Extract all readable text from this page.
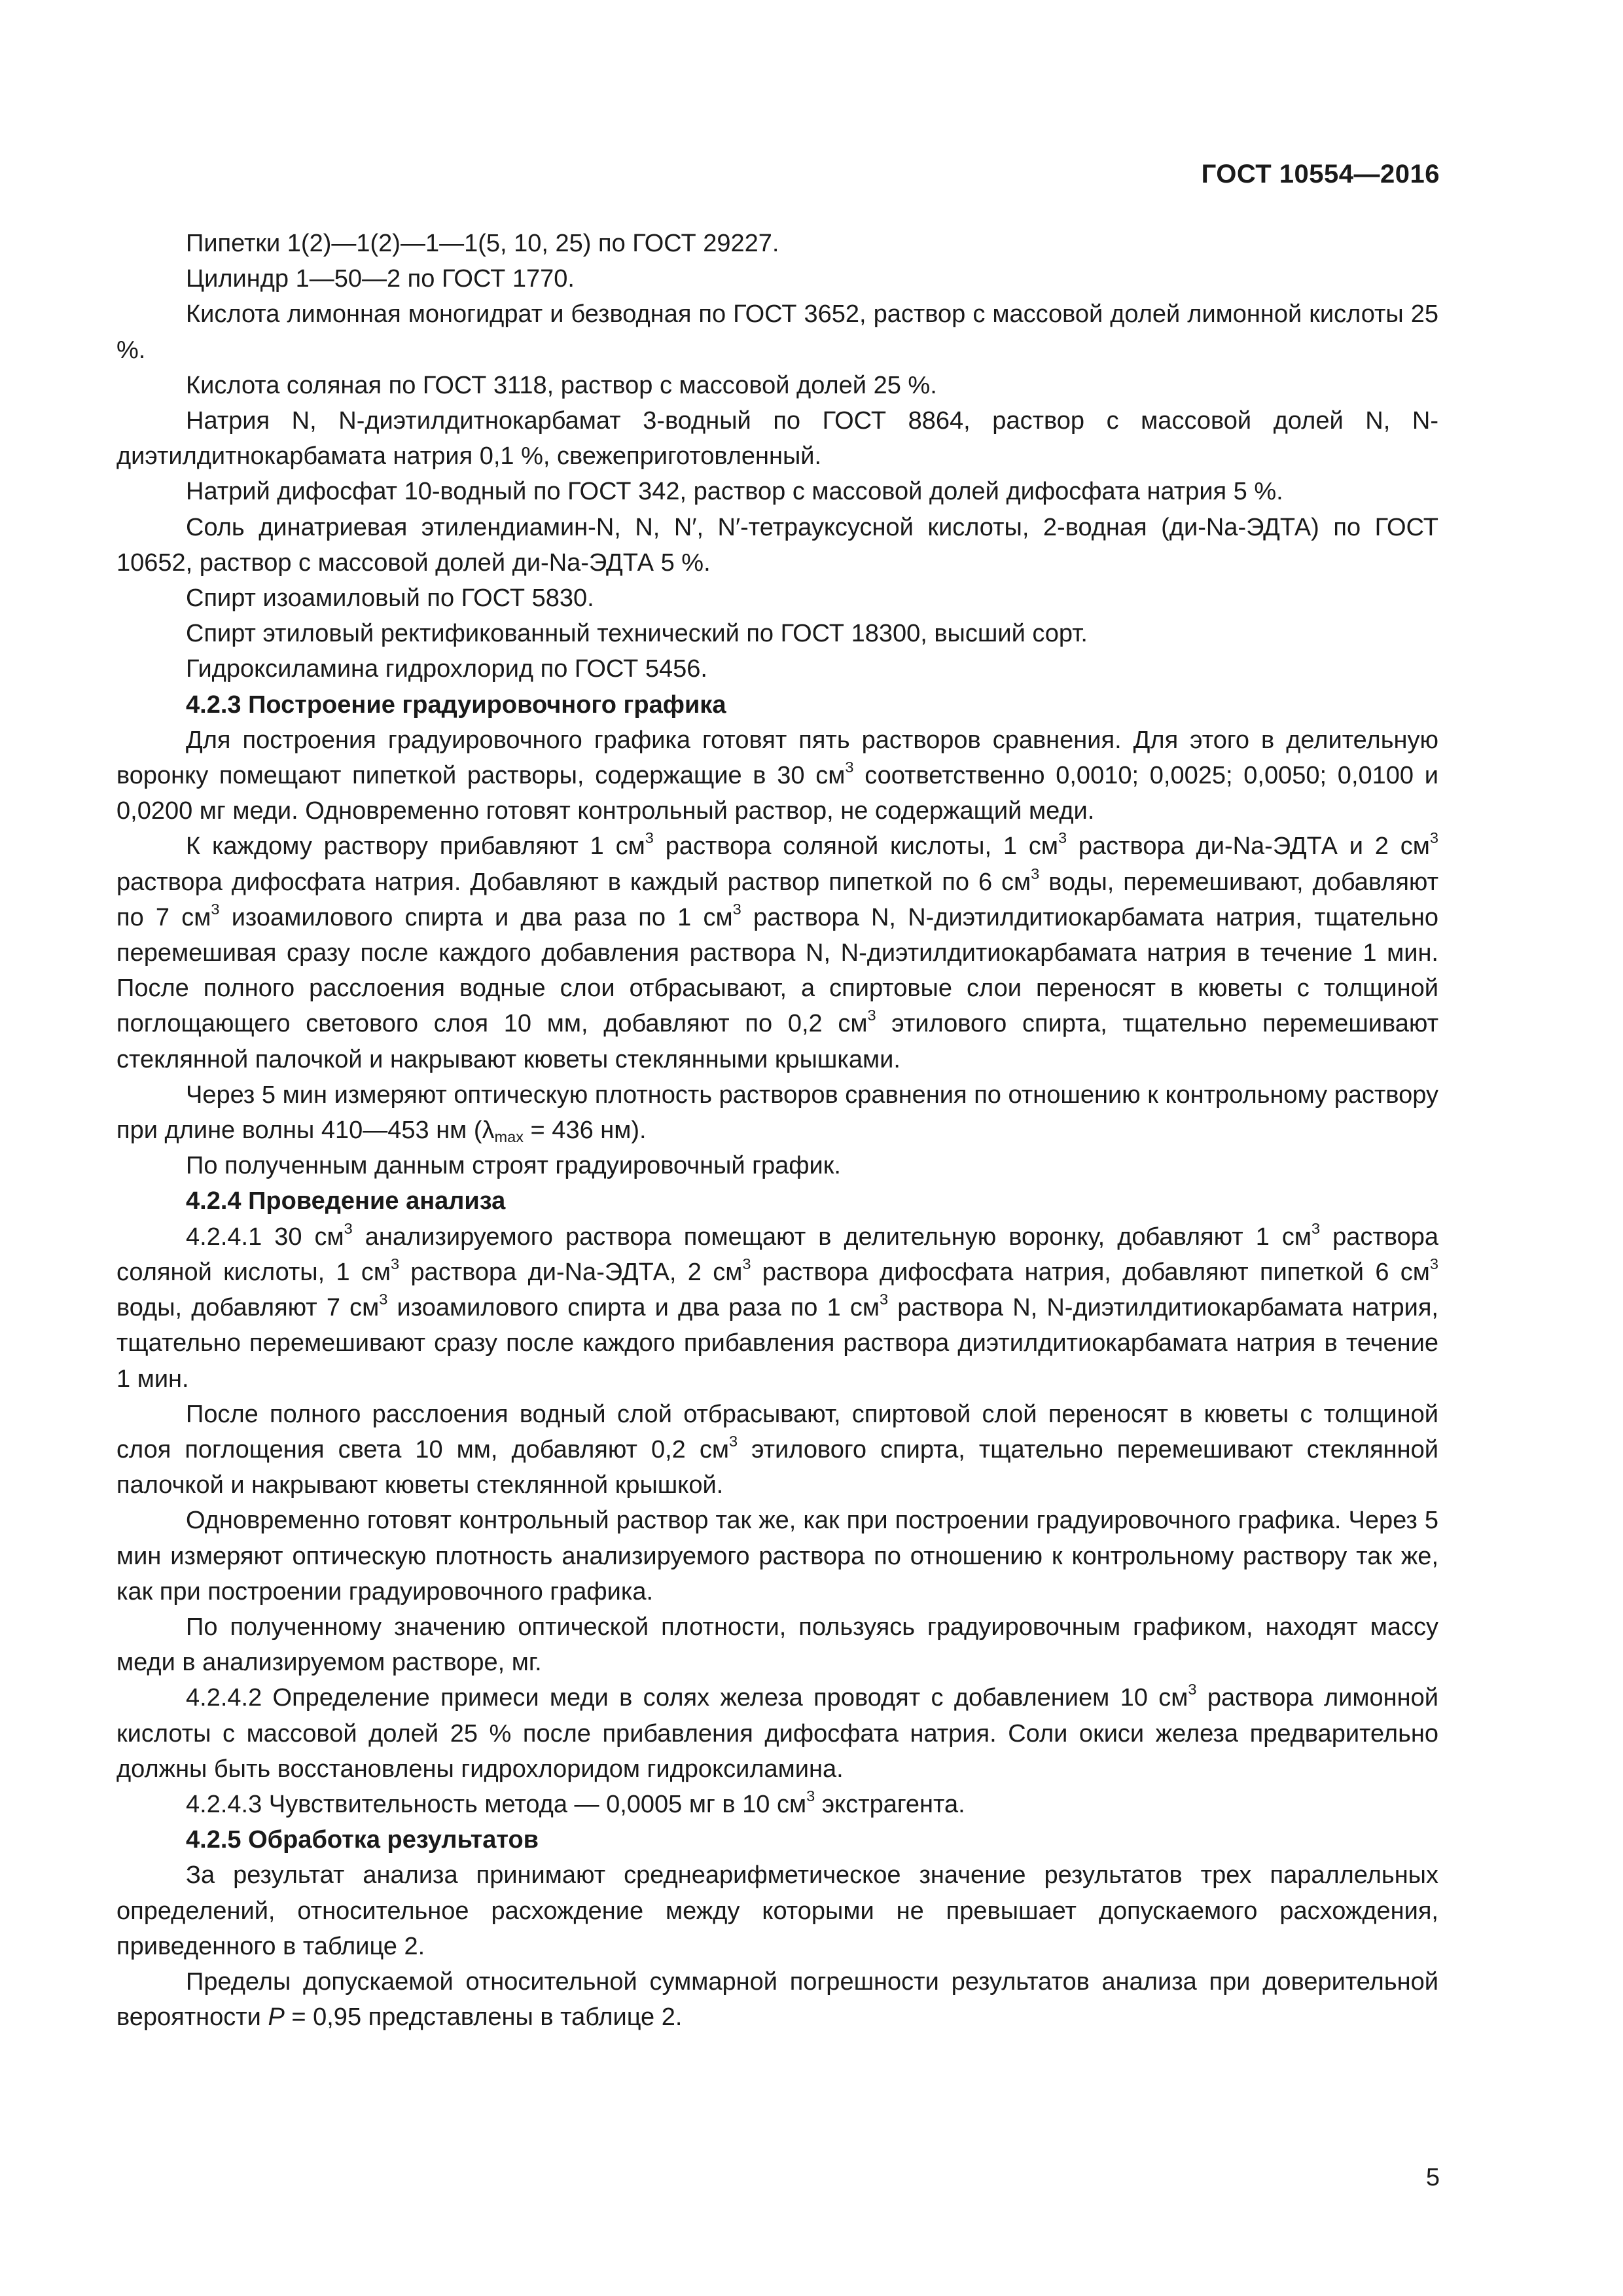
ГОСТ 10554—2016

Пипетки 1(2)—1(2)—1—1(5, 10, 25) по ГОСТ 29227.

Цилиндр 1—50—2 по ГОСТ 1770.

Кислота лимонная моногидрат и безводная по ГОСТ 3652, раствор с массовой долей лимонной кислоты 25 %.

Кислота соляная по ГОСТ 3118, раствор с массовой долей 25 %.

Натрия N, N-диэтилдитнокарбамат 3-водный по ГОСТ 8864, раствор с массовой долей N, N-диэтилдитнокарбамата натрия 0,1 %, свежеприготовленный.

Натрий дифосфат 10-водный по ГОСТ 342, раствор с массовой долей дифосфата натрия 5 %.

Соль динатриевая этилендиамин-N, N, N′, N′-тетрауксусной кислоты, 2-водная (ди-Na-ЭДТА) по ГОСТ 10652, раствор с массовой долей ди-Na-ЭДТА 5 %.

Спирт изоамиловый по ГОСТ 5830.

Спирт этиловый ректификованный технический по ГОСТ 18300, высший сорт.

Гидроксиламина гидрохлорид по ГОСТ 5456.

4.2.3 Построение градуировочного графика

Для построения градуировочного графика готовят пять растворов сравнения. Для этого в делительную воронку помещают пипеткой растворы, содержащие в 30 $см^3$ соответственно 0,0010; 0,0025; 0,0050; 0,0100 и 0,0200 мг меди. Одновременно готовят контрольный раствор, не содержащий меди.

К каждому раствору прибавляют 1 $см^3$ раствора соляной кислоты, 1 $см^3$ раствора ди-Na-ЭДТА и 2 $см^3$ раствора дифосфата натрия. Добавляют в каждый раствор пипеткой по 6 $см^3$ воды, перемешивают, добавляют по 7 $см^3$ изоамилового спирта и два раза по 1 $см^3$ раствора N, N-диэтилдитиокарбамата натрия, тщательно перемешивая сразу после каждого добавления раствора N, N-диэтилдитиокарбамата натрия в течение 1 мин. После полного расслоения водные слои отбрасывают, а спиртовые слои переносят в кюветы с толщиной поглощающего светового слоя 10 мм, добавляют по 0,2 $см^3$ этилового спирта, тщательно перемешивают стеклянной палочкой и накрывают кюветы стеклянными крышками.

Через 5 мин измеряют оптическую плотность растворов сравнения по отношению к контрольному раствору при длине волны 410—453 нм ($\lambda_{max} = 436$ нм).

По полученным данным строят градуировочный график.

4.2.4 Проведение анализа

4.2.4.1 30 $см^3$ анализируемого раствора помещают в делительную воронку, добавляют 1 $см^3$ раствора соляной кислоты, 1 $см^3$ раствора ди-Na-ЭДТА, 2 $см^3$ раствора дифосфата натрия, добавляют пипеткой 6 $см^3$ воды, добавляют 7 $см^3$ изоамилового спирта и два раза по 1 $см^3$ раствора N, N-диэтилдитиокарбамата натрия, тщательно перемешивают сразу после каждого прибавления раствора диэтилдитиокарбамата натрия в течение 1 мин.

После полного расслоения водный слой отбрасывают, спиртовой слой переносят в кюветы с толщиной слоя поглощения света 10 мм, добавляют 0,2 $см^3$ этилового спирта, тщательно перемешивают стеклянной палочкой и накрывают кюветы стеклянной крышкой.

Одновременно готовят контрольный раствор так же, как при построении градуировочного графика. Через 5 мин измеряют оптическую плотность анализируемого раствора по отношению к контрольному раствору так же, как при построении градуировочного графика.

По полученному значению оптической плотности, пользуясь градуировочным графиком, находят массу меди в анализируемом растворе, мг.

4.2.4.2 Определение примеси меди в солях железа проводят с добавлением 10 $см^3$ раствора лимонной кислоты с массовой долей 25 % после прибавления дифосфата натрия. Соли окиси железа предварительно должны быть восстановлены гидрохлоридом гидроксиламина.

4.2.4.3 Чувствительность метода — 0,0005 мг в 10 $см^3$ экстрагента.

4.2.5 Обработка результатов

За результат анализа принимают среднеарифметическое значение результатов трех параллельных определений, относительное расхождение между которыми не превышает допускаемого расхождения, приведенного в таблице 2.

Пределы допускаемой относительной суммарной погрешности результатов анализа при доверительной вероятности P = 0,95 представлены в таблице 2.

5
